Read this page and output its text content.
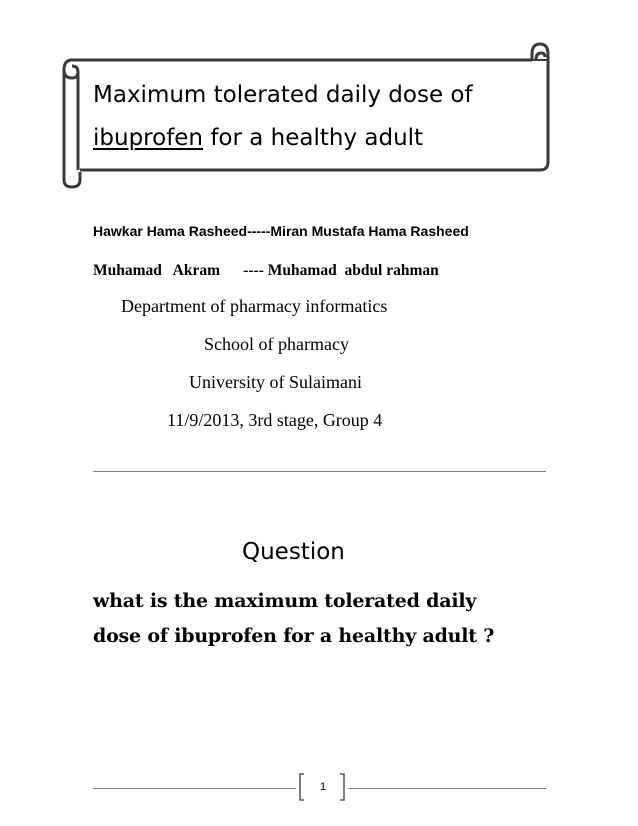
Maximum tolerated daily dose of
ibuprofen for a healthy adult
Hawkar Hama Rasheed-----Miran Mustafa Hama Rasheed
Muhamad   Akram      ---- Muhamad  abdul rahman
Department of pharmacy informatics
School of pharmacy
University of Sulaimani
11/9/2013, 3rd stage, Group 4
Question
what is the maximum tolerated daily
dose of ibuprofen for a healthy adult ?
1
